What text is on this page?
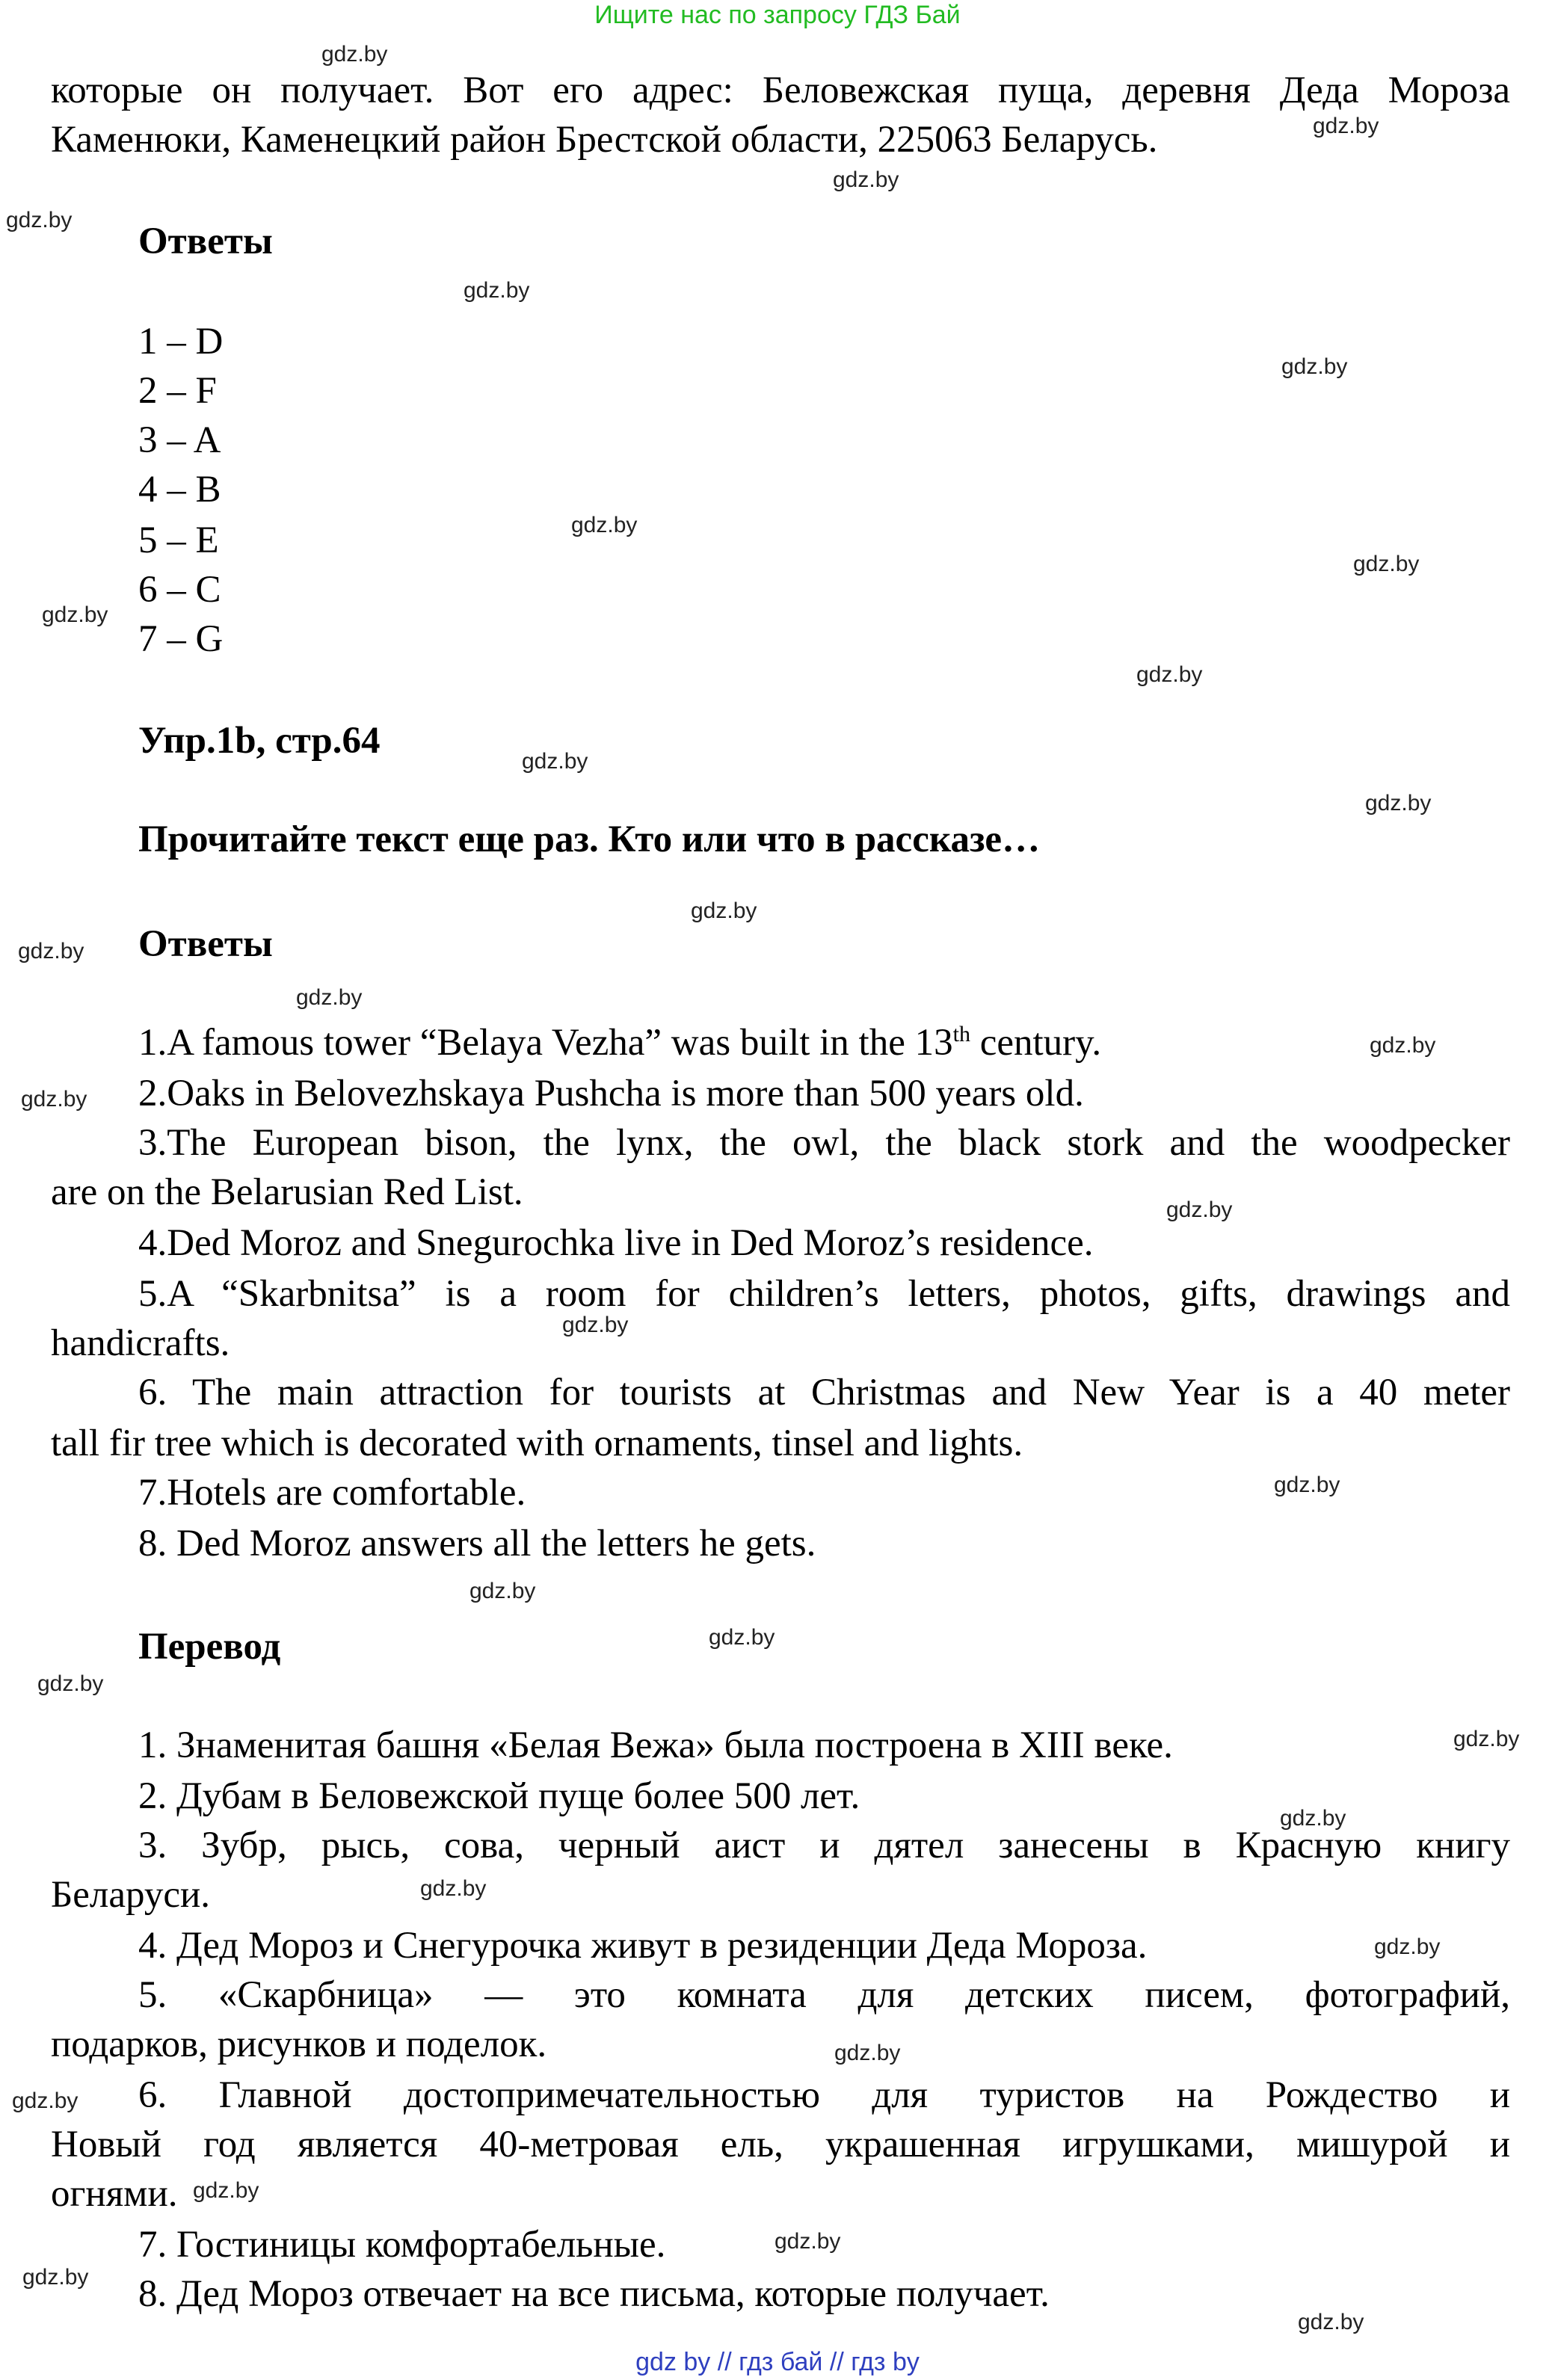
Ищите нас по запросу ГДЗ Бай
gdz.by
gdz.by
gdz.by
gdz.by
gdz.by
gdz.by
gdz.by
gdz.by
gdz.by
gdz.by
gdz.by
gdz.by
gdz.by
gdz.by
gdz.by
gdz.by
gdz.by
gdz.by
gdz.by
gdz.by
gdz.by
gdz.by
gdz.by
gdz.by
gdz.by
gdz.by
gdz.by
gdz.by
gdz.by
gdz.by
gdz.by
gdz.by
gdz.by
которые он получает. Вот его адрес: Беловежская пуща, деревня Деда Мороза
Каменюки, Каменецкий район Брестской области, 225063 Беларусь.
Ответы
1 – D
2 – F
3 – A
4 – B
5 – E
6 – C
7 – G
Упр.1b, стр.64
Прочитайте текст еще раз. Кто или что в рассказе…
Ответы
1.A famous tower “Belaya Vezha” was built in the 13th century.
2.Oaks in Belovezhskaya Pushcha is more than 500 years old.
3.The European bison, the lynx, the owl, the black stork and the woodpecker
are on the Belarusian Red List.
4.Ded Moroz and Snegurochka live in Ded Moroz’s residence.
5.A “Skarbnitsa” is a room for children’s letters, photos, gifts, drawings and
handicrafts.
6. The main attraction for tourists at Christmas and New Year is a 40 meter
tall fir tree which is decorated with ornaments, tinsel and lights.
7.Hotels are comfortable.
8. Ded Moroz answers all the letters he gets.
Перевод
1. Знаменитая башня «Белая Вежа» была построена в XIII веке.
2. Дубам в Беловежской пуще более 500 лет.
3. Зубр, рысь, сова, черный аист и дятел занесены в Красную книгу
Беларуси.
4. Дед Мороз и Снегурочка живут в резиденции Деда Мороза.
5. «Скарбница» — это комната для детских писем, фотографий,
подарков, рисунков и поделок.
6. Главной достопримечательностью для туристов на Рождество и
Новый год является 40-метровая ель, украшенная игрушками, мишурой и
огнями.
7. Гостиницы комфортабельные.
8. Дед Мороз отвечает на все письма, которые получает.
gdz by // гдз бай // гдз by
